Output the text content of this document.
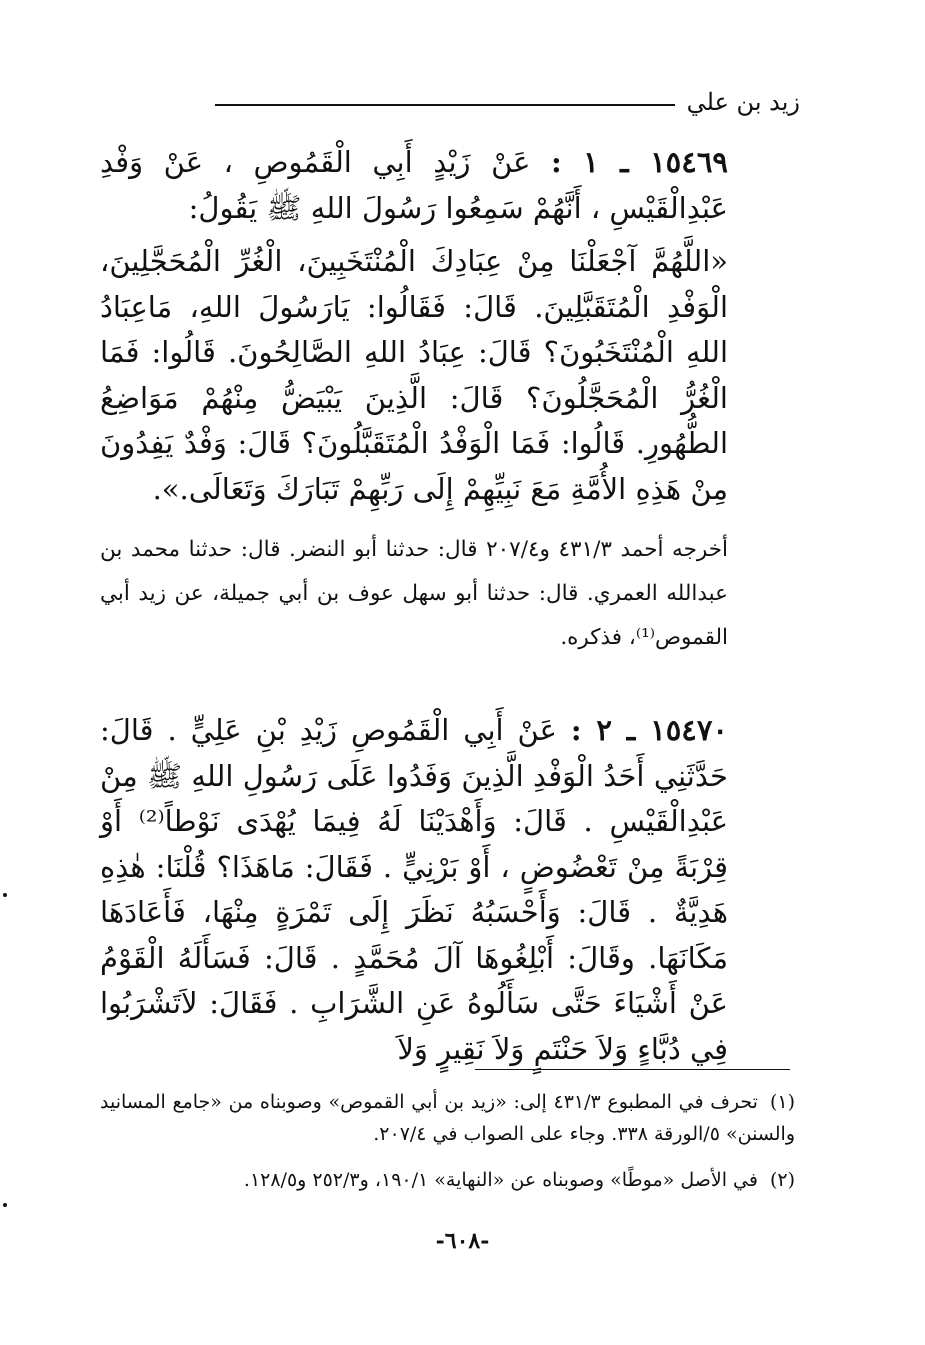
زيد بن علي
١٥٤٦٩ ـ ١ : عَنْ زَيْدٍ أَبِي الْقَمُوصِ ، عَنْ وَفْدِ عَبْدِالْقَيْسِ ، أَنَّهُمْ سَمِعُوا رَسُولَ اللهِ ﷺ يَقُولُ:
«اللَّهُمَّ آجْعَلْنَا مِنْ عِبَادِكَ الْمُنْتَخَبِينَ، الْغُرِّ الْمُحَجَّلِينَ، الْوَفْدِ الْمُتَقَبَّلِينَ. قَالَ: فَقَالُوا: يَارَسُولَ اللهِ، مَاعِبَادُ اللهِ الْمُنْتَخَبُونَ؟ قَالَ: عِبَادُ اللهِ الصَّالِحُونَ. قَالُوا: فَمَا الْغُرُّ الْمُحَجَّلُونَ؟ قَالَ: الَّذِينَ يَبْيَضُّ مِنْهُمْ مَوَاضِعُ الطُّهُورِ. قَالُوا: فَمَا الْوَفْدُ الْمُتَقَبَّلُونَ؟ قَالَ: وَفْدٌ يَفِدُونَ مِنْ هَذِهِ الأُمَّةِ مَعَ نَبِيِّهِمْ إِلَى رَبِّهِمْ تَبَارَكَ وَتَعَالَى.».
أخرجه أحمد ٤٣١/٣ و٢٠٧/٤ قال: حدثنا أبو النضر. قال: حدثنا محمد بن عبدالله العمري. قال: حدثنا أبو سهل عوف بن أبي جميلة، عن زيد أبي القموص⁽¹⁾، فذكره.
١٥٤٧٠ ـ ٢ : عَنْ أَبِي الْقَمُوصِ زَيْدِ بْنِ عَلِيٍّ . قَالَ: حَدَّثَنِي أَحَدُ الْوَفْدِ الَّذِينَ وَفَدُوا عَلَى رَسُولِ اللهِ ﷺ مِنْ عَبْدِالْقَيْسِ . قَالَ: وَأَهْدَيْنَا لَهُ فِيمَا يُهْدَى نَوْطاً⁽²⁾ أَوْ قِرْبَةً مِنْ تَعْضُوضٍ ، أَوْ بَرْنِيٍّ . فَقَالَ: مَاهَذَا؟ قُلْنَا: هٰذِهِ هَدِيَّةٌ . قَالَ: وَأَحْسَبُهُ نَظَرَ إِلَى تَمْرَةٍ مِنْهَا، فَأَعَادَهَا مَكَانَهَا. وقَالَ: أَبْلِغُوهَا آلَ مُحَمَّدٍ . قَالَ: فَسَأَلَهُ الْقَوْمُ عَنْ أَشْيَاءَ حَتَّى سَأَلُوهُ عَنِ الشَّرَابِ . فَقَالَ: لاَتَشْرَبُوا فِي دُبَّاءٍ وَلاَ حَنْتَمٍ وَلاَ نَقِيرٍ وَلاَ
(١)تحرف في المطبوع ٤٣١/٣ إلى: «زيد بن أبي القموص» وصوبناه من «جامع المسانيد والسنن» ٥/الورقة ٣٣٨. وجاء على الصواب في ٢٠٧/٤.
(٢)في الأصل «موطًا» وصوبناه عن «النهاية» ١٩٠/١، و٢٥٢/٣ و١٢٨/٥.
-٦٠٨-
